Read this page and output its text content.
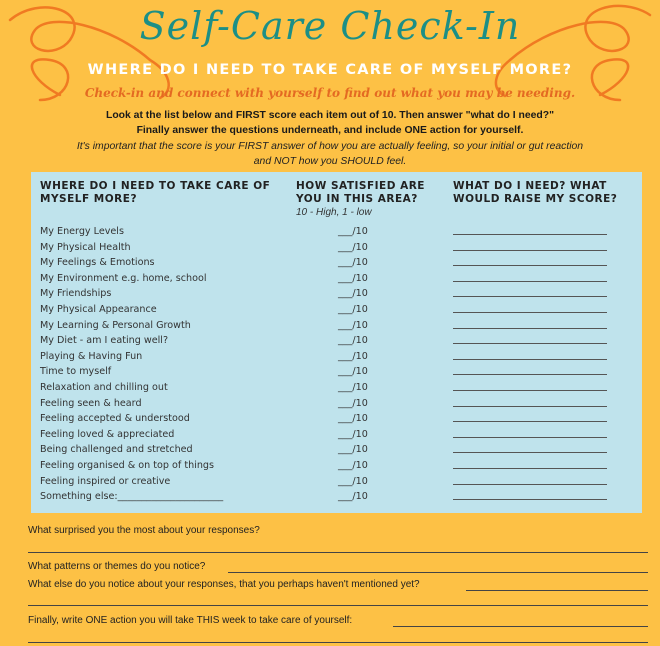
Self-Care Check-In
WHERE DO I NEED TO TAKE CARE OF MYSELF MORE?
Check-in and connect with yourself to find out what you may be needing.
Look at the list below and FIRST score each item out of 10. Then answer "what do I need?"
Finally answer the questions underneath, and include ONE action for yourself.
It's important that the score is your FIRST answer of how you are actually feeling, so your initial or gut reaction
and NOT how you SHOULD feel.
WHERE DO I NEED TO TAKE CARE OF
MYSELF MORE?
HOW SATISFIED ARE
YOU IN THIS AREA?
10 - High, 1 - low
WHAT DO I NEED? WHAT
WOULD RAISE MY SCORE?
My Energy Levels	___/10
My Physical Health	___/10
My Feelings & Emotions	___/10
My Environment e.g. home, school	___/10
My Friendships	___/10
My Physical Appearance	___/10
My Learning & Personal Growth	___/10
My Diet - am I eating well?	___/10
Playing & Having Fun	___/10
Time to myself	___/10
Relaxation and chilling out	___/10
Feeling seen & heard	___/10
Feeling accepted & understood	___/10
Feeling loved & appreciated	___/10
Being challenged and stretched	___/10
Feeling organised & on top of things	___/10
Feeling inspired or creative	___/10
Something else:______________________	___/10
What surprised you the most about your responses?
What patterns or themes do you notice?
What else do you notice about your responses, that you perhaps haven't mentioned yet?
Finally, write ONE action you will take THIS week to take care of yourself:
